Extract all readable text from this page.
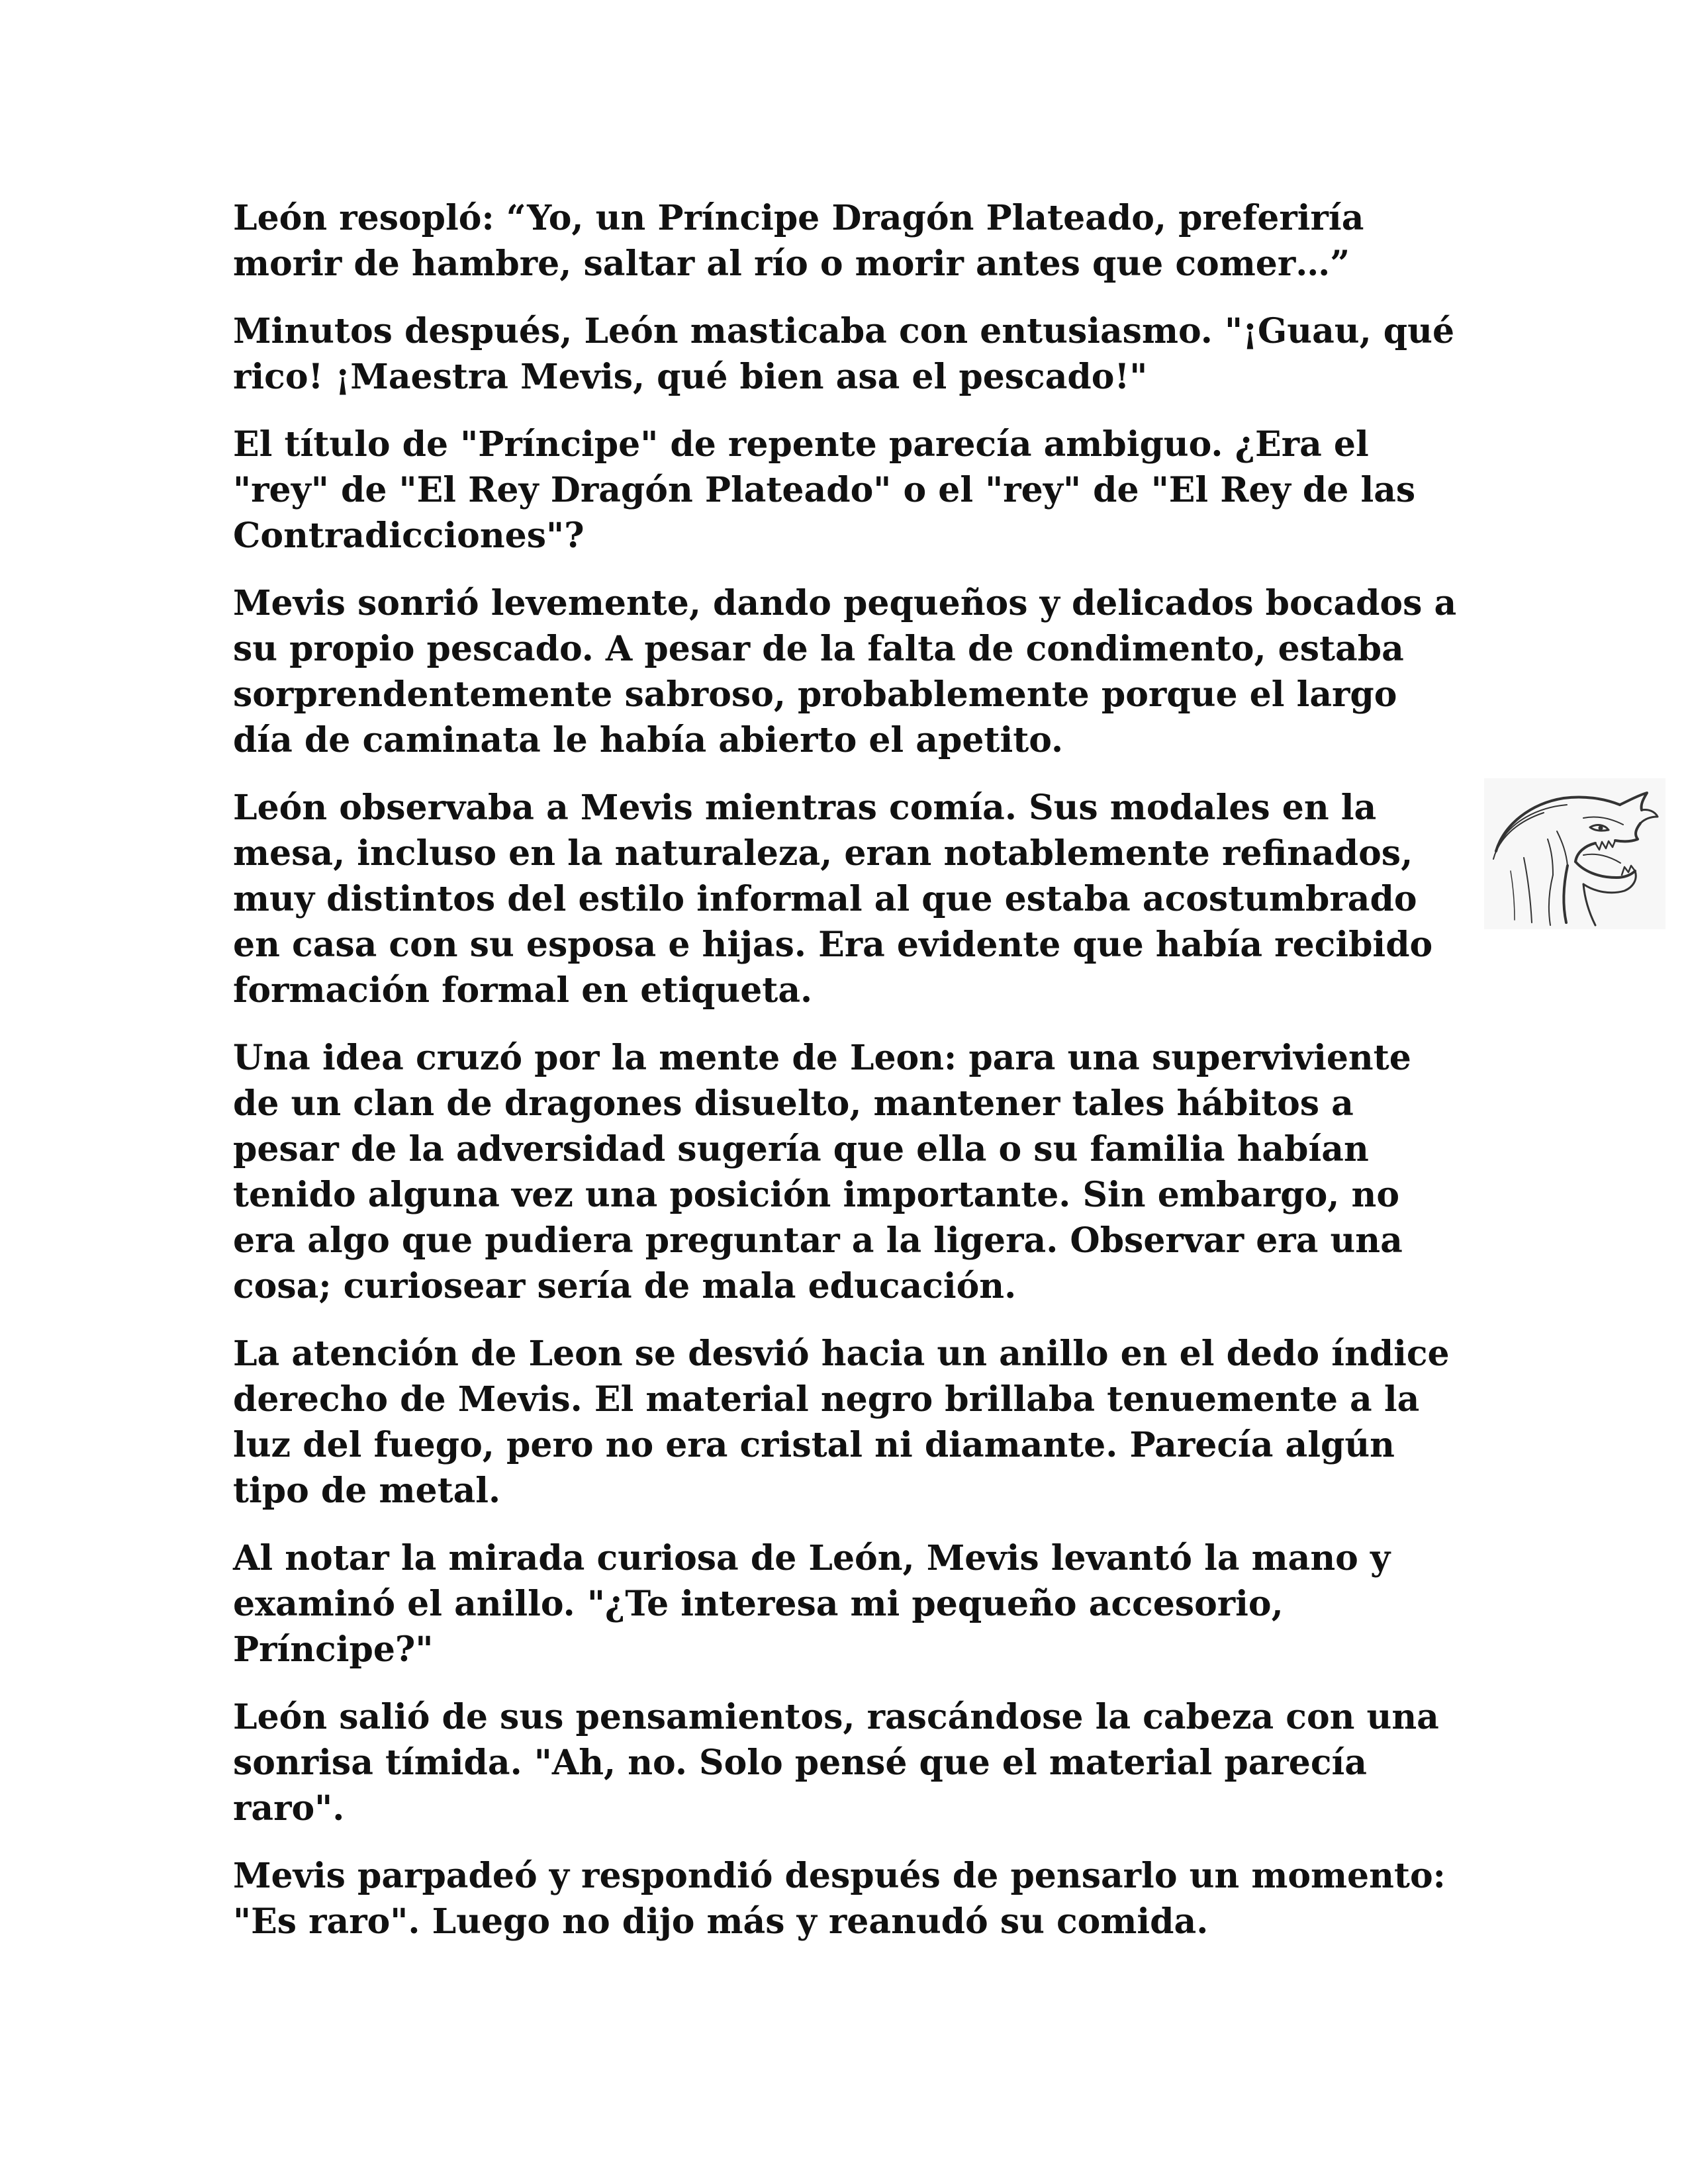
León resopló: “Yo, un Príncipe Dragón Plateado, preferiría
morir de hambre, saltar al río o morir antes que comer…”

Minutos después, León masticaba con entusiasmo. "¡Guau, qué
rico! ¡Maestra Mevis, qué bien asa el pescado!"

El título de "Príncipe" de repente parecía ambiguo. ¿Era el
"rey" de "El Rey Dragón Plateado" o el "rey" de "El Rey de las
Contradicciones"?

Mevis sonrió levemente, dando pequeños y delicados bocados a
su propio pescado. A pesar de la falta de condimento, estaba
sorprendentemente sabroso, probablemente porque el largo
día de caminata le había abierto el apetito.

León observaba a Mevis mientras comía. Sus modales en la
mesa, incluso en la naturaleza, eran notablemente refinados,
muy distintos del estilo informal al que estaba acostumbrado
en casa con su esposa e hijas. Era evidente que había recibido
formación formal en etiqueta.

Una idea cruzó por la mente de Leon: para una superviviente
de un clan de dragones disuelto, mantener tales hábitos a
pesar de la adversidad sugería que ella o su familia habían
tenido alguna vez una posición importante. Sin embargo, no
era algo que pudiera preguntar a la ligera. Observar era una
cosa; curiosear sería de mala educación.

La atención de Leon se desvió hacia un anillo en el dedo índice
derecho de Mevis. El material negro brillaba tenuemente a la
luz del fuego, pero no era cristal ni diamante. Parecía algún
tipo de metal.

Al notar la mirada curiosa de León, Mevis levantó la mano y
examinó el anillo. "¿Te interesa mi pequeño accesorio,
Príncipe?"

León salió de sus pensamientos, rascándose la cabeza con una
sonrisa tímida. "Ah, no. Solo pensé que el material parecía
raro".

Mevis parpadeó y respondió después de pensarlo un momento:
"Es raro". Luego no dijo más y reanudó su comida.
